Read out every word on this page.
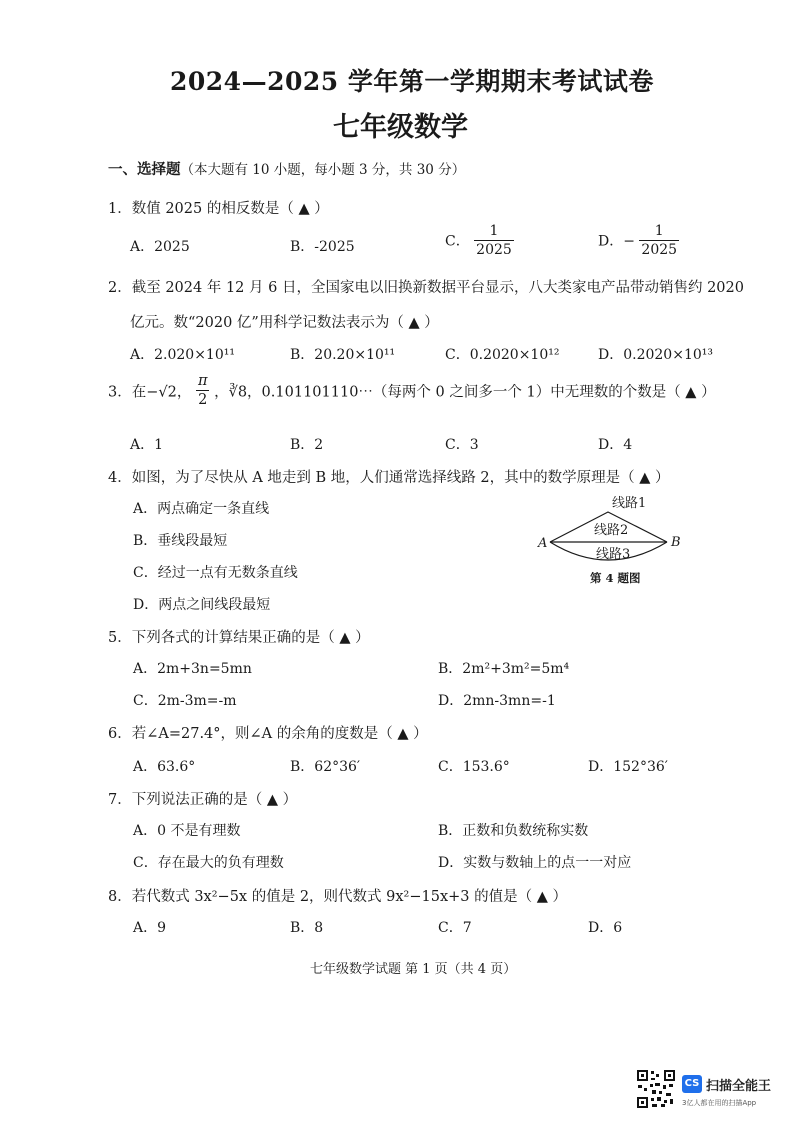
2024—2025 学年第一学期期末考试试卷
七年级数学
一、选择题（本大题有 10 小题，每小题 3 分，共 30 分）
1．数值 2025 的相反数是（ ▲ ）
A．2025	B．-2025	C． $\frac{1}{2025}$	D．− $\frac{1}{2025}$
2．截至 2024 年 12 月 6 日，全国家电以旧换新数据平台显示，八大类家电产品带动销售约 2020
亿元。数“2020 亿”用科学记数法表示为（ ▲ ）
A．2.020×10¹¹	B．20.20×10¹¹	C．0.2020×10¹²	D．0.2020×10¹³
3．在−√2， $\frac{\pi}{2}$ ，∛8，0.101101110⋯（每两个 0 之间多一个 1）中无理数的个数是（ ▲ ）
A．1	B．2	C．3	D．4
4．如图，为了尽快从 A 地走到 B 地，人们通常选择线路 2，其中的数学原理是（ ▲ ）
A．两点确定一条直线
B．垂线段最短
C．经过一点有无数条直线
D．两点之间线段最短
线路1
线路2
线路3
A	B
第 4 题图
5．下列各式的计算结果正确的是（ ▲ ）
A．2m+3n=5mn	B．2m²+3m²=5m⁴
C．2m-3m=-m	D．2mn-3mn=-1
6．若∠A=27.4°，则∠A 的余角的度数是（ ▲ ）
A．63.6°	B．62°36′	C．153.6°	D．152°36′
7．下列说法正确的是（ ▲ ）
A．0 不是有理数	B．正数和负数统称实数
C．存在最大的负有理数	D．实数与数轴上的点一一对应
8．若代数式 3x²−5x 的值是 2，则代数式 9x²−15x+3 的值是（ ▲ ）
A．9	B．8	C．7	D．6
七年级数学试题 第 1 页（共 4 页）
CS 扫描全能王
3亿人都在用的扫描App
